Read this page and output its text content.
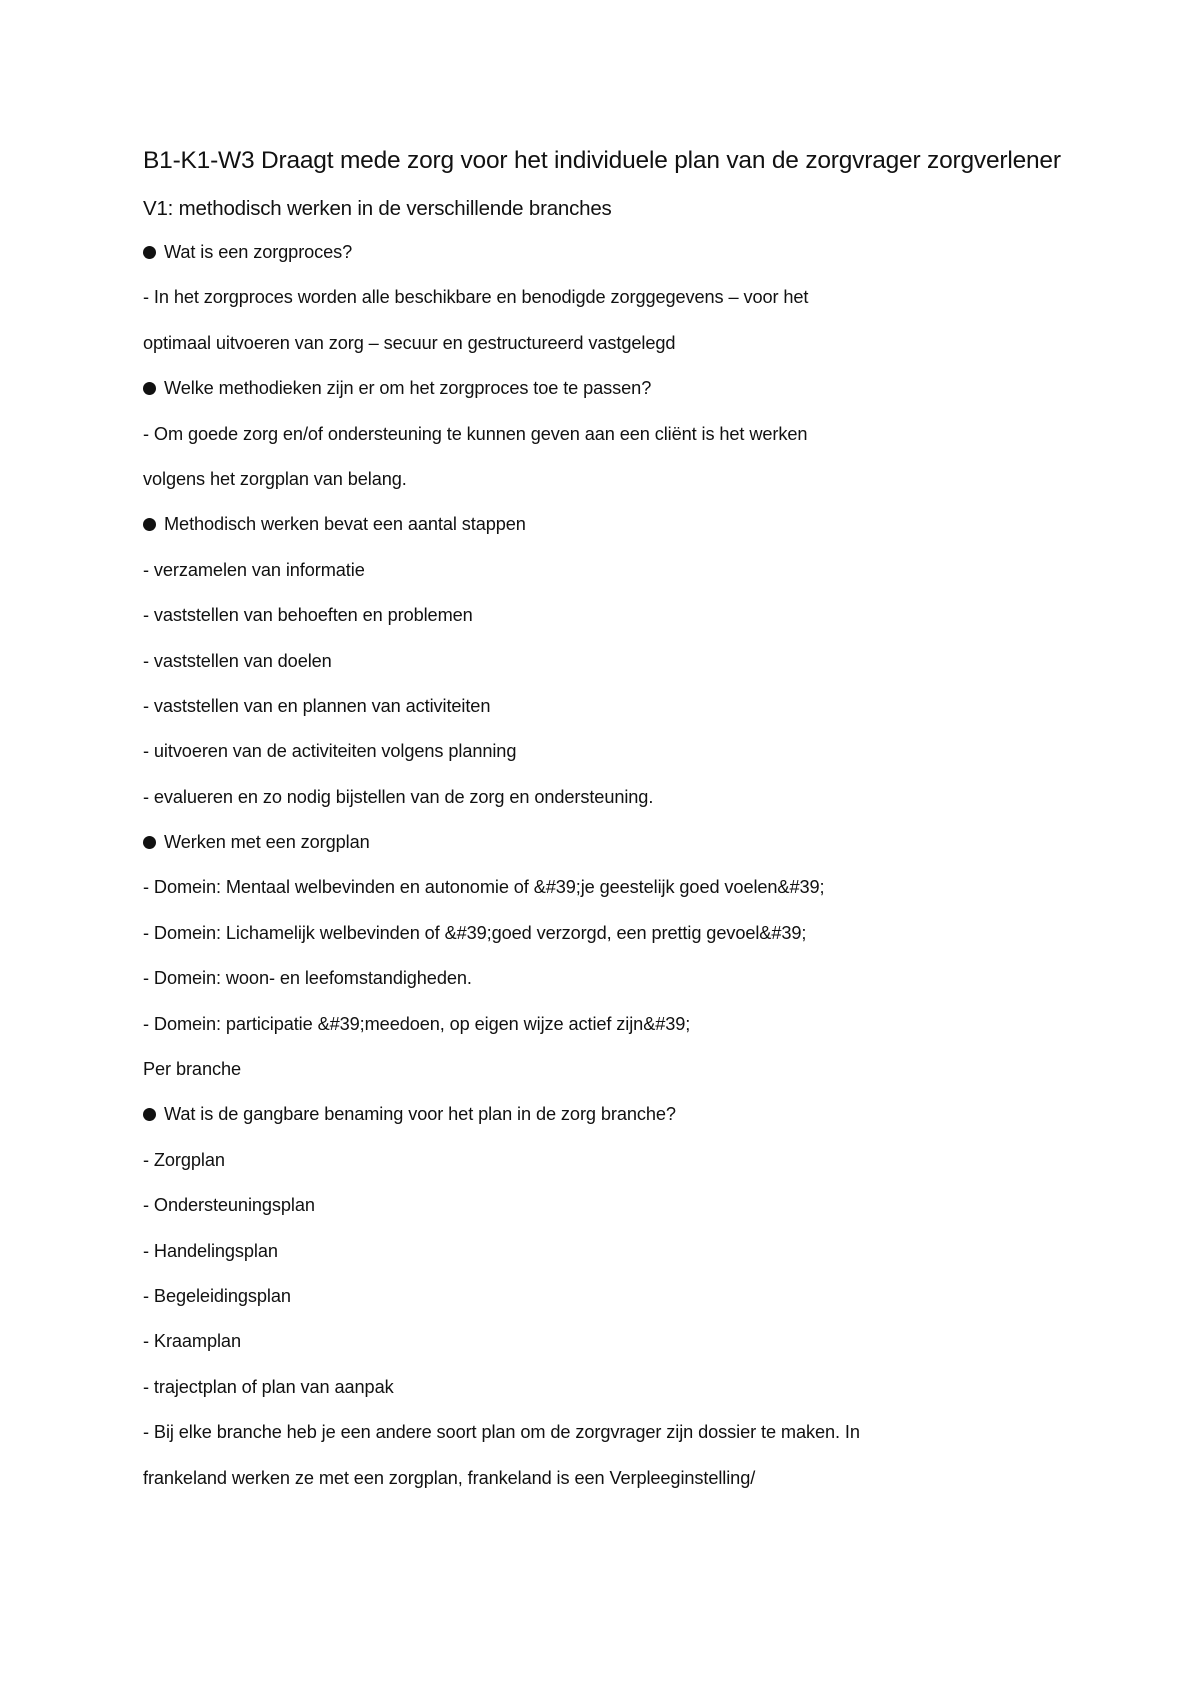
B1-K1-W3 Draagt mede zorg voor het individuele plan van de zorgvrager zorgverlener
V1: methodisch werken in de verschillende branches
Wat is een zorgproces?
- In het zorgproces worden alle beschikbare en benodigde zorggegevens – voor het
optimaal uitvoeren van zorg – secuur en gestructureerd vastgelegd
Welke methodieken zijn er om het zorgproces toe te passen?
- Om goede zorg en/of ondersteuning te kunnen geven aan een cliënt is het werken
volgens het zorgplan van belang.
Methodisch werken bevat een aantal stappen
- verzamelen van informatie
- vaststellen van behoeften en problemen
- vaststellen van doelen
- vaststellen van en plannen van activiteiten
- uitvoeren van de activiteiten volgens planning
- evalueren en zo nodig bijstellen van de zorg en ondersteuning.
Werken met een zorgplan
- Domein: Mentaal welbevinden en autonomie of &#39;je geestelijk goed voelen&#39;
- Domein: Lichamelijk welbevinden of &#39;goed verzorgd, een prettig gevoel&#39;
- Domein: woon- en leefomstandigheden.
- Domein: participatie &#39;meedoen, op eigen wijze actief zijn&#39;
Per branche
Wat is de gangbare benaming voor het plan in de zorg branche?
- Zorgplan
- Ondersteuningsplan
- Handelingsplan
- Begeleidingsplan
- Kraamplan
- trajectplan of plan van aanpak
- Bij elke branche heb je een andere soort plan om de zorgvrager zijn dossier te maken. In
frankeland werken ze met een zorgplan, frankeland is een Verpleeginstelling/
